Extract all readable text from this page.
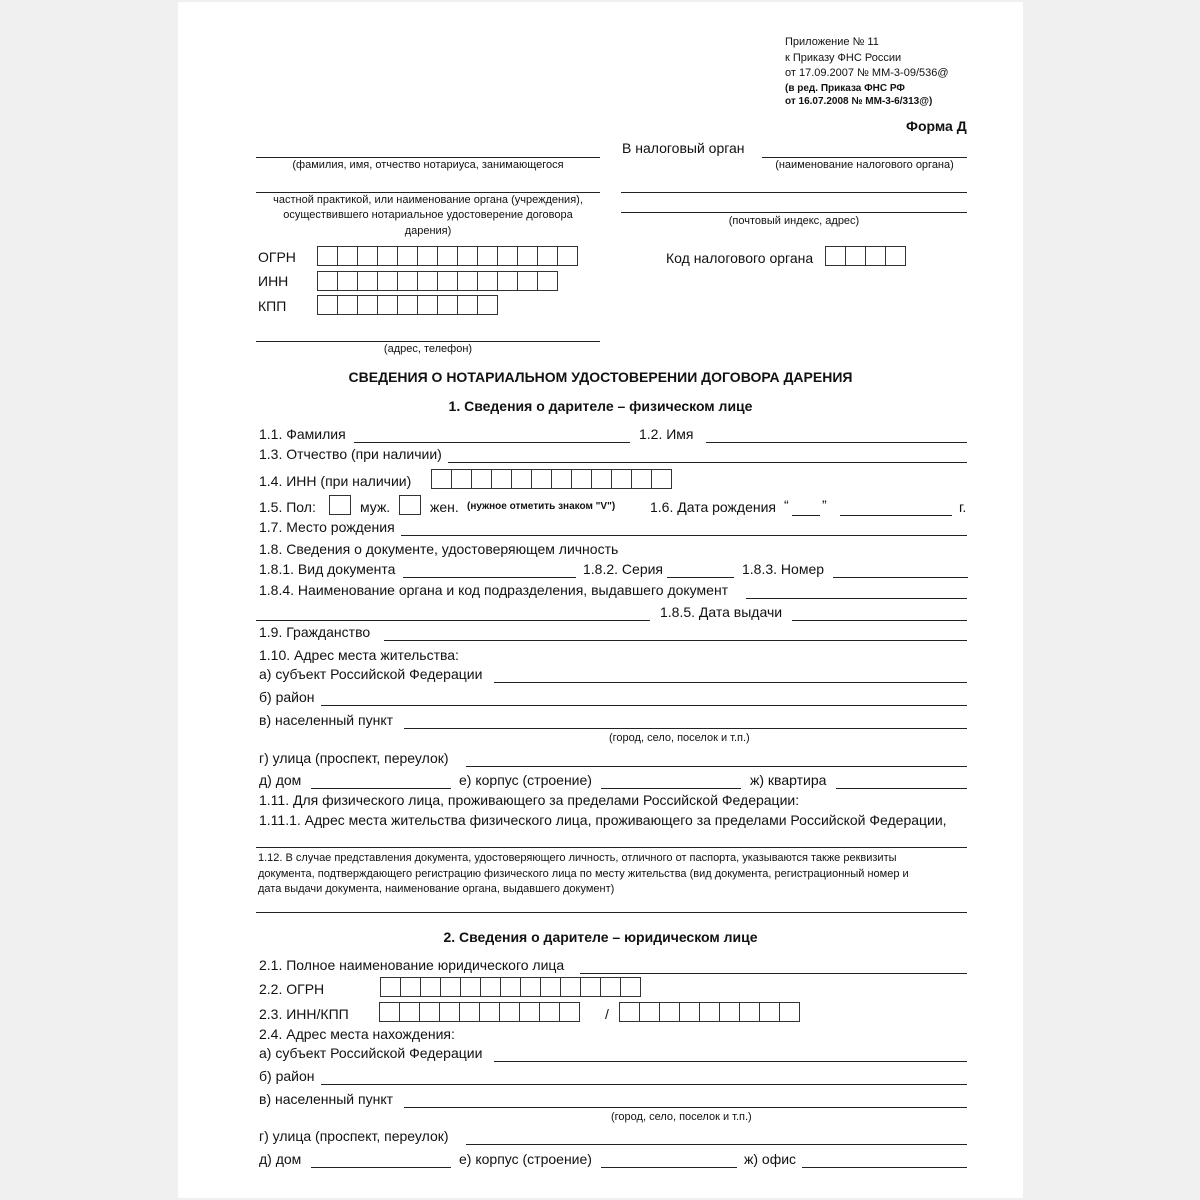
Приложение № 11
к Приказу ФНС России
от 17.09.2007 № ММ-3-09/536@
(в ред. Приказа ФНС РФ
от 16.07.2008 № ММ-3-6/313@)
Форма Д
(фамилия, имя, отчество нотариуса, занимающегося
частной практикой, или наименование органа (учреждения),
осуществившего нотариальное удостоверение договора
дарения)
ОГРН
ИНН
КПП
(адрес, телефон)
В налоговый орган
(наименование налогового органа)
(почтовый индекс, адрес)
Код налогового органа
СВЕДЕНИЯ О НОТАРИАЛЬНОМ УДОСТОВЕРЕНИИ ДОГОВОРА ДАРЕНИЯ
1. Сведения о дарителе – физическом лице
1.1. Фамилия	1.2. Имя
1.3. Отчество (при наличии)
1.4. ИНН (при наличии)
1.5. Пол:	муж.	жен. (нужное отметить знаком "V") 1.6. Дата рождения “ ”	г.
1.7. Место рождения
1.8. Сведения о документе, удостоверяющем личность
1.8.1. Вид документа	1.8.2. Серия	1.8.3. Номер
1.8.4. Наименование органа и код подразделения, выдавшего документ
1.8.5. Дата выдачи
1.9. Гражданство
1.10. Адрес места жительства:
а) субъект Российской Федерации
б) район
в) населенный пункт
(город, село, поселок и т.п.)
г) улица (проспект, переулок)
д) дом	е) корпус (строение)	ж) квартира
1.11. Для физического лица, проживающего за пределами Российской Федерации:
1.11.1. Адрес места жительства физического лица, проживающего за пределами Российской Федерации,
1.12. В случае представления документа, удостоверяющего личность, отличного от паспорта, указываются также реквизиты
документа, подтверждающего регистрацию физического лица по месту жительства (вид документа, регистрационный номер и
дата выдачи документа, наименование органа, выдавшего документ)
2. Сведения о дарителе – юридическом лице
2.1. Полное наименование юридического лица
2.2. ОГРН
2.3. ИНН/КПП	/
2.4. Адрес места нахождения:
а) субъект Российской Федерации
б) район
в) населенный пункт
(город, село, поселок и т.п.)
г) улица (проспект, переулок)
д) дом	е) корпус (строение)	ж) офис
